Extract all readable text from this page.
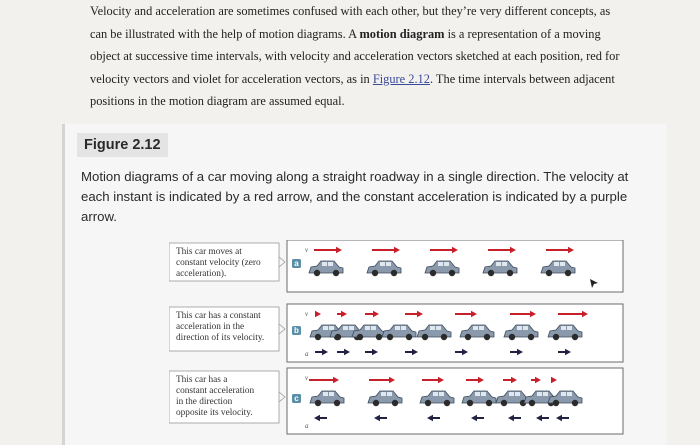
Velocity and acceleration are sometimes confused with each other, but they’re very different concepts, as

can be illustrated with the help of motion diagrams. A motion diagram is a representation of a moving

object at successive time intervals, with velocity and acceleration vectors sketched at each position, red for

velocity vectors and violet for acceleration vectors, as in Figure 2.12. The time intervals between adjacent

positions in the motion diagram are assumed equal.

Figure 2.12

Motion diagrams of a car moving along a straight roadway in a single direction. The velocity at each instant is indicated by a red arrow, and the constant acceleration is indicated by a purple arrow.

This car moves at
constant velocity (zero
acceleration).
a
v
This car has a constant
acceleration in the
direction of its velocity.
b
v
a
This car has a
constant acceleration
in the direction
opposite its velocity.
c
v
a
